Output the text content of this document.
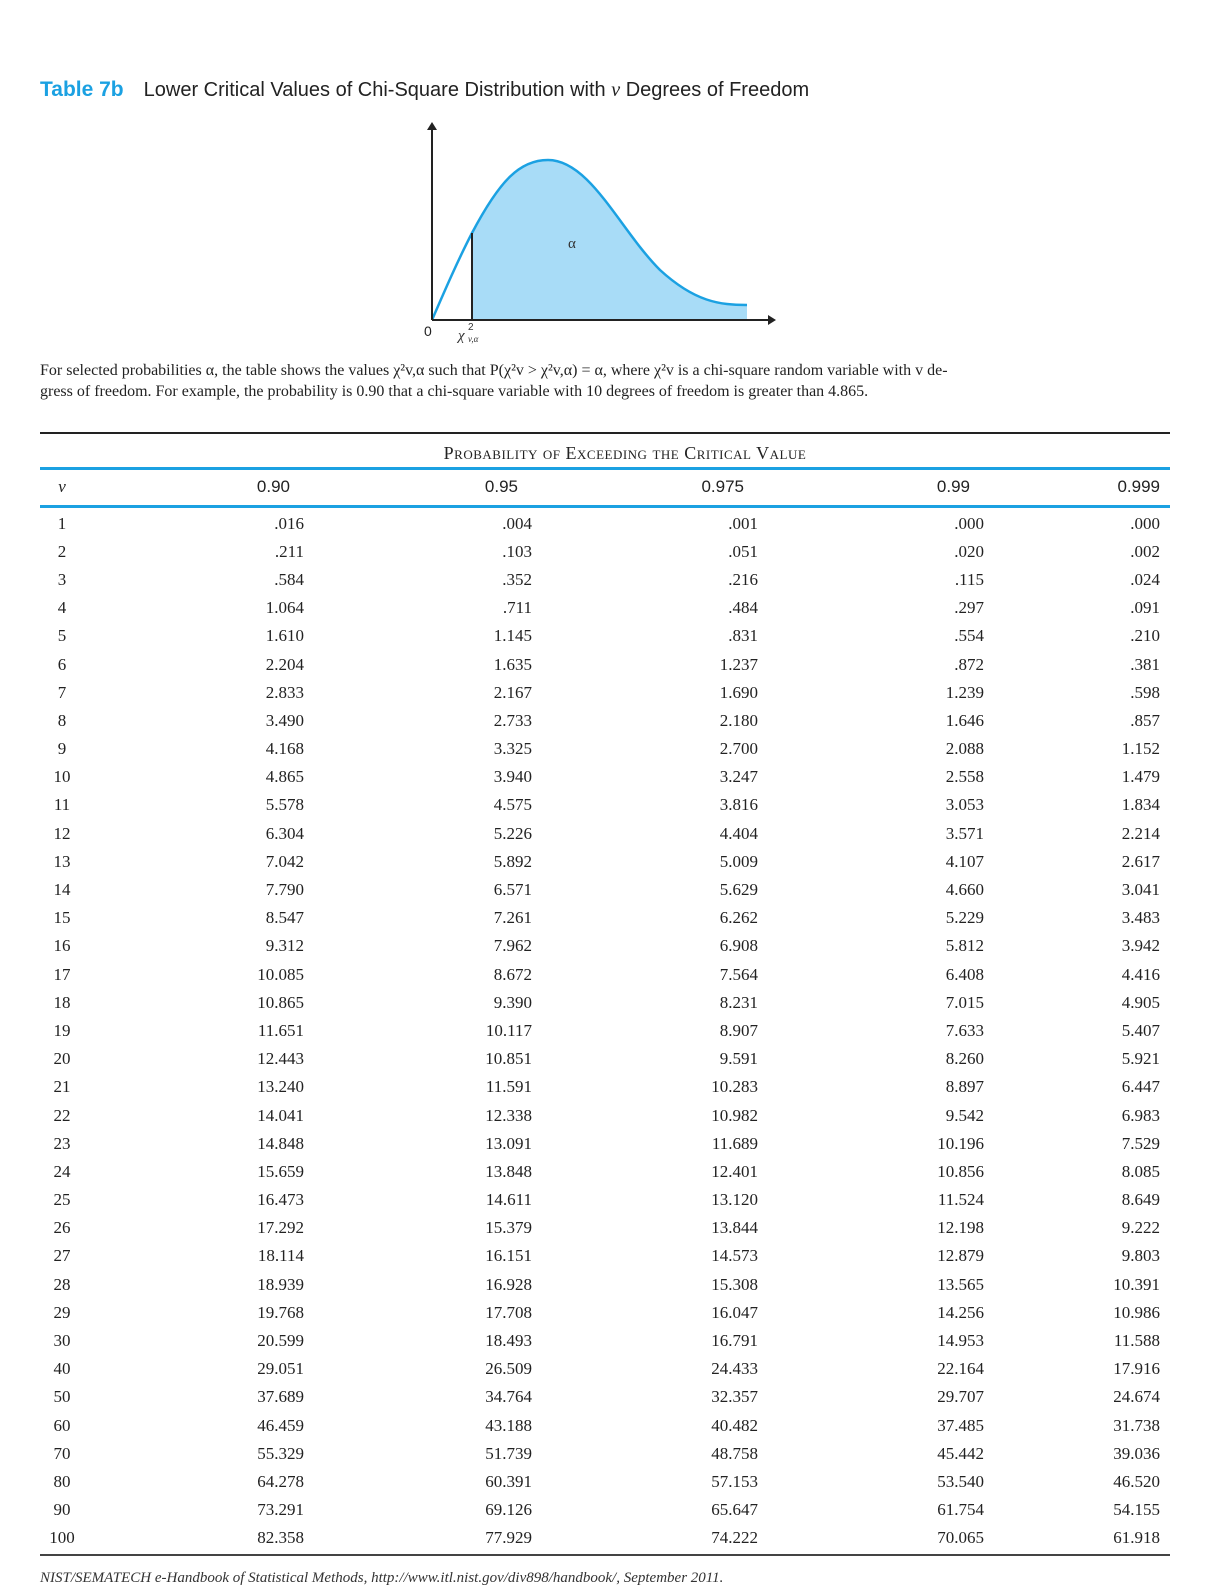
Table 7b Lower Critical Values of Chi-Square Distribution with ν Degrees of Freedom
α
0 χ
2
v,α
For selected probabilities α, the table shows the values χ²v,α such that P(χ²v > χ²v,α) = α, where χ²v is a chi-square random variable with v de-
gress of freedom. For example, the probability is 0.90 that a chi-square variable with 10 degrees of freedom is greater than 4.865.
Probability of Exceeding the Critical Value
ν	0.90	0.95	0.975	0.99	0.999
1	.016	.004	.001	.000	.000
2	.211	.103	.051	.020	.002
3	.584	.352	.216	.115	.024
4	1.064	.711	.484	.297	.091
5	1.610	1.145	.831	.554	.210
6	2.204	1.635	1.237	.872	.381
7	2.833	2.167	1.690	1.239	.598
8	3.490	2.733	2.180	1.646	.857
9	4.168	3.325	2.700	2.088	1.152
10	4.865	3.940	3.247	2.558	1.479
11	5.578	4.575	3.816	3.053	1.834
12	6.304	5.226	4.404	3.571	2.214
13	7.042	5.892	5.009	4.107	2.617
14	7.790	6.571	5.629	4.660	3.041
15	8.547	7.261	6.262	5.229	3.483
16	9.312	7.962	6.908	5.812	3.942
17	10.085	8.672	7.564	6.408	4.416
18	10.865	9.390	8.231	7.015	4.905
19	11.651	10.117	8.907	7.633	5.407
20	12.443	10.851	9.591	8.260	5.921
21	13.240	11.591	10.283	8.897	6.447
22	14.041	12.338	10.982	9.542	6.983
23	14.848	13.091	11.689	10.196	7.529
24	15.659	13.848	12.401	10.856	8.085
25	16.473	14.611	13.120	11.524	8.649
26	17.292	15.379	13.844	12.198	9.222
27	18.114	16.151	14.573	12.879	9.803
28	18.939	16.928	15.308	13.565	10.391
29	19.768	17.708	16.047	14.256	10.986
30	20.599	18.493	16.791	14.953	11.588
40	29.051	26.509	24.433	22.164	17.916
50	37.689	34.764	32.357	29.707	24.674
60	46.459	43.188	40.482	37.485	31.738
70	55.329	51.739	48.758	45.442	39.036
80	64.278	60.391	57.153	53.540	46.520
90	73.291	69.126	65.647	61.754	54.155
100	82.358	77.929	74.222	70.065	61.918
NIST/SEMATECH e-Handbook of Statistical Methods, http://www.itl.nist.gov/div898/handbook/, September 2011.
